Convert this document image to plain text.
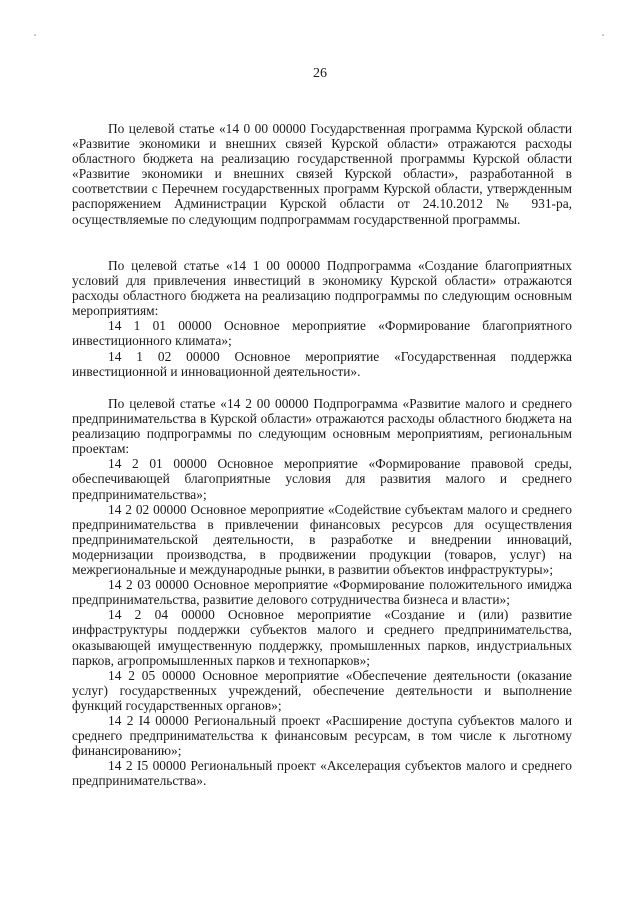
26

По целевой статье «14 0 00 00000 Государственная программа Курской области «Развитие экономики и внешних связей Курской области» отражаются расходы областного бюджета на реализацию государственной программы Курской области «Развитие экономики и внешних связей Курской области», разработанной в соответствии с Перечнем государственных программ Курской области, утвержденным распоряжением Администрации Курской области от 24.10.2012 № 931-ра, осуществляемые по следующим подпрограммам государственной программы.

По целевой статье «14 1 00 00000 Подпрограмма «Создание благоприятных условий для привлечения инвестиций в экономику Курской области» отражаются расходы областного бюджета на реализацию подпрограммы по следующим основным мероприятиям:

14 1 01 00000 Основное мероприятие «Формирование благоприятного инвестиционного климата»;

14 1 02 00000 Основное мероприятие «Государственная поддержка инвестиционной и инновационной деятельности».

По целевой статье «14 2 00 00000 Подпрограмма «Развитие малого и среднего предпринимательства в Курской области» отражаются расходы областного бюджета на реализацию подпрограммы по следующим основным мероприятиям, региональным проектам:

14 2 01 00000 Основное мероприятие «Формирование правовой среды, обеспечивающей благоприятные условия для развития малого и среднего предпринимательства»;

14 2 02 00000 Основное мероприятие «Содействие субъектам малого и среднего предпринимательства в привлечении финансовых ресурсов для осуществления предпринимательской деятельности, в разработке и внедрении инноваций, модернизации производства, в продвижении продукции (товаров, услуг) на межрегиональные и международные рынки, в развитии объектов инфраструктуры»;

14 2 03 00000 Основное мероприятие «Формирование положительного имиджа предпринимательства, развитие делового сотрудничества бизнеса и власти»;

14 2 04 00000 Основное мероприятие «Создание и (или) развитие инфраструктуры поддержки субъектов малого и среднего предпринимательства, оказывающей имущественную поддержку, промышленных парков, индустриальных парков, агропромышленных парков и технопарков»;

14 2 05 00000 Основное мероприятие «Обеспечение деятельности (оказание услуг) государственных учреждений, обеспечение деятельности и выполнение функций государственных органов»;

14 2 I4 00000 Региональный проект «Расширение доступа субъектов малого и среднего предпринимательства к финансовым ресурсам, в том числе к льготному финансированию»;

14 2 I5 00000 Региональный проект «Акселерация субъектов малого и среднего предпринимательства».
